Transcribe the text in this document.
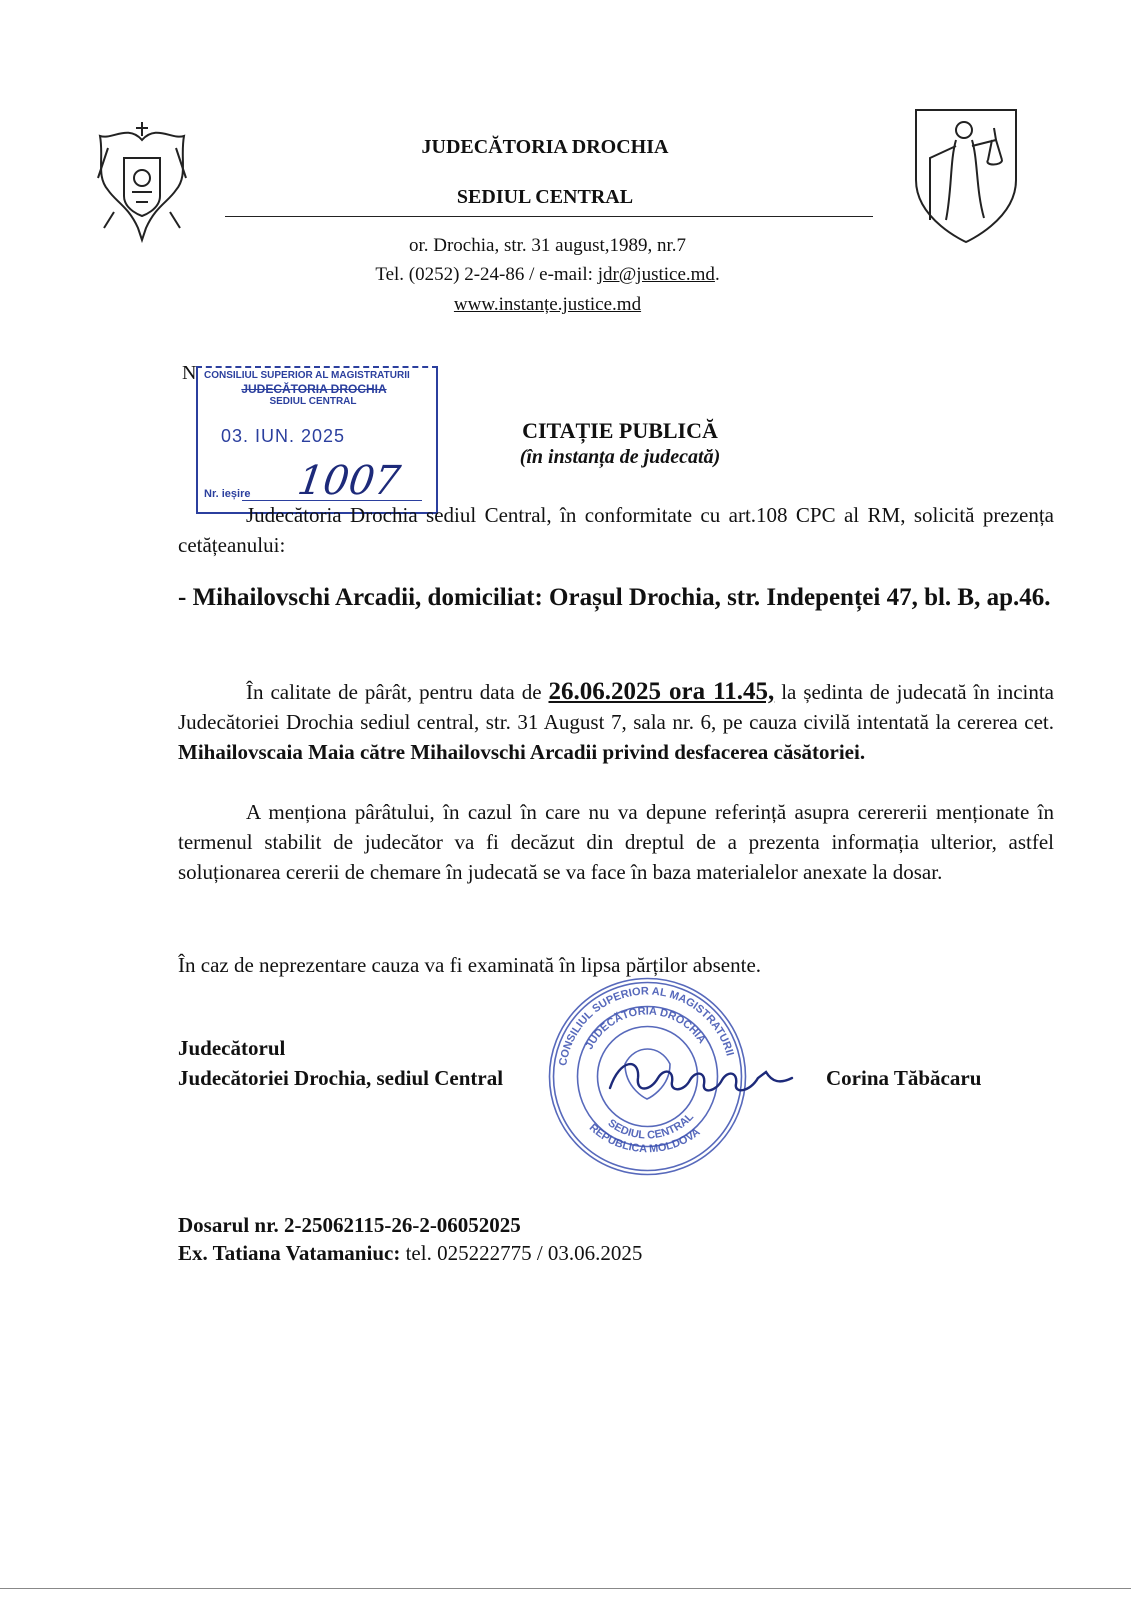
JUDECĂTORIA DROCHIA
SEDIUL CENTRAL
or. Drochia, str. 31 august,1989, nr.7
Tel. (0252) 2-24-86 / e-mail: jdr@justice.md.
www.instanțe.justice.md
N CONSILIUL SUPERIOR AL MAGISTRATURII
JUDECĂTORIA DROCHIA
SEDIUL CENTRAL
03. IUN. 2025
Nr. ieșire 1007
CITAȚIE PUBLICĂ
(în instanța de judecată)
Judecătoria Drochia sediul Central, în conformitate cu art.108 CPC al RM, solicită prezența cetățeanului:
- Mihailovschi Arcadii, domiciliat: Orașul Drochia, str. Indepenței 47, bl. B, ap.46.
În calitate de pârât, pentru data de 26.06.2025 ora 11.45, la ședinta de judecată în incinta Judecătoriei Drochia sediul central, str. 31 August 7, sala nr. 6, pe cauza civilă intentată la cererea cet. Mihailovscaia Maia către Mihailovschi Arcadii privind desfacerea căsătoriei.
A menționa pârâtului, în cazul în care nu va depune referință asupra cerererii menționate în termenul stabilit de judecător va fi decăzut din dreptul de a prezenta informația ulterior, astfel soluționarea cererii de chemare în judecată se va face în baza materialelor anexate la dosar.
În caz de neprezentare cauza va fi examinată în lipsa părților absente.
Judecătorul
Judecătoriei Drochia, sediul Central	Corina Tăbăcaru
CONSILIUL SUPERIOR AL MAGISTRATURII
JUDECĂTORIA DROCHIA
SEDIUL CENTRAL
REPUBLICA MOLDOVA
Dosarul nr. 2-25062115-26-2-06052025
Ex. Tatiana Vatamaniuc: tel. 025222775 / 03.06.2025
